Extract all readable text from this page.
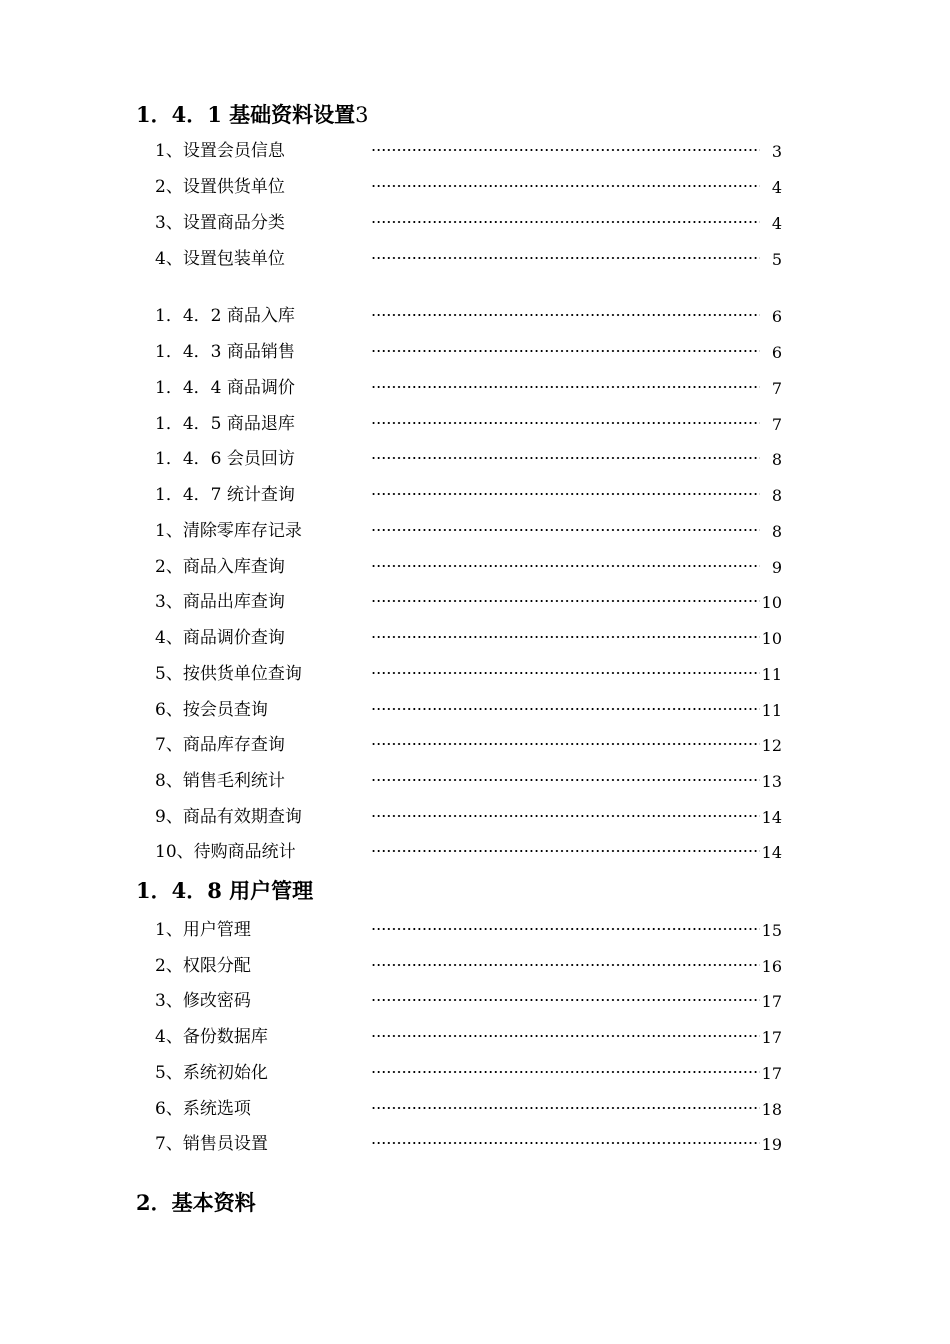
1．4．1 基础资料设置3
1、设置会员信息	3
2、设置供货单位	4
3、设置商品分类	4
4、设置包装单位	5
1．4．2 商品入库	6
1．4．3 商品销售	6
1．4．4 商品调价	7
1．4．5 商品退库	7
1．4．6 会员回访	8
1．4．7 统计查询	8
1、清除零库存记录	8
2、商品入库查询	9
3、商品出库查询	10
4、商品调价查询	10
5、按供货单位查询	11
6、按会员查询	11
7、商品库存查询	12
8、销售毛利统计	13
9、商品有效期查询	14
10、待购商品统计	14
1．4．8 用户管理
1、用户管理	15
2、权限分配	16
3、修改密码	17
4、备份数据库	17
5、系统初始化	17
6、系统选项	18
7、销售员设置	19
2．基本资料
